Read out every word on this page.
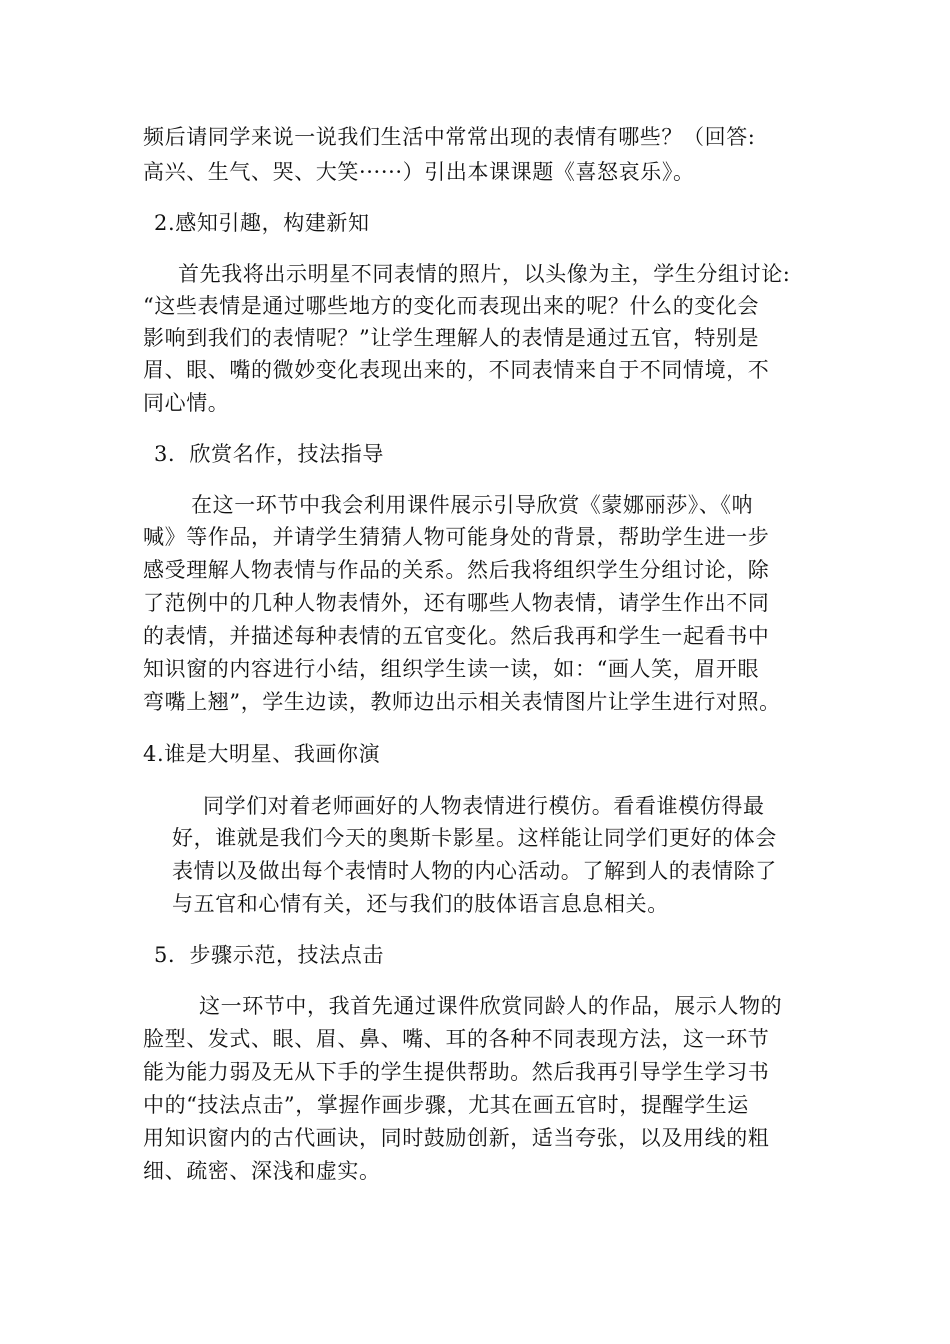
频后请同学来说一说我们生活中常常出现的表情有哪些？（回答:
高兴、生气、哭、大笑······）引出本课课题《喜怒哀乐》。
2.感知引趣，构建新知
首先我将出示明星不同表情的照片，以头像为主，学生分组讨论:
“这些表情是通过哪些地方的变化而表现出来的呢？什么的变化会
影响到我们的表情呢？”让学生理解人的表情是通过五官，特别是
眉、眼、嘴的微妙变化表现出来的，不同表情来自于不同情境，不
同心情。
3．欣赏名作，技法指导
在这一环节中我会利用课件展示引导欣赏《蒙娜丽莎》、《呐
喊》等作品，并请学生猜猜人物可能身处的背景，帮助学生进一步
感受理解人物表情与作品的关系。然后我将组织学生分组讨论，除
了范例中的几种人物表情外，还有哪些人物表情，请学生作出不同
的表情，并描述每种表情的五官变化。然后我再和学生一起看书中
知识窗的内容进行小结，组织学生读一读，如：“画人笑，眉开眼
弯嘴上翘”，学生边读，教师边出示相关表情图片让学生进行对照。
4.谁是大明星、我画你演
同学们对着老师画好的人物表情进行模仿。看看谁模仿得最
好，谁就是我们今天的奥斯卡影星。这样能让同学们更好的体会
表情以及做出每个表情时人物的内心活动。了解到人的表情除了
与五官和心情有关，还与我们的肢体语言息息相关。
5．步骤示范，技法点击
这一环节中，我首先通过课件欣赏同龄人的作品，展示人物的
脸型、发式、眼、眉、鼻、嘴、耳的各种不同表现方法，这一环节
能为能力弱及无从下手的学生提供帮助。然后我再引导学生学习书
中的“技法点击”，掌握作画步骤，尤其在画五官时，提醒学生运
用知识窗内的古代画诀，同时鼓励创新，适当夸张，以及用线的粗
细、疏密、深浅和虚实。
